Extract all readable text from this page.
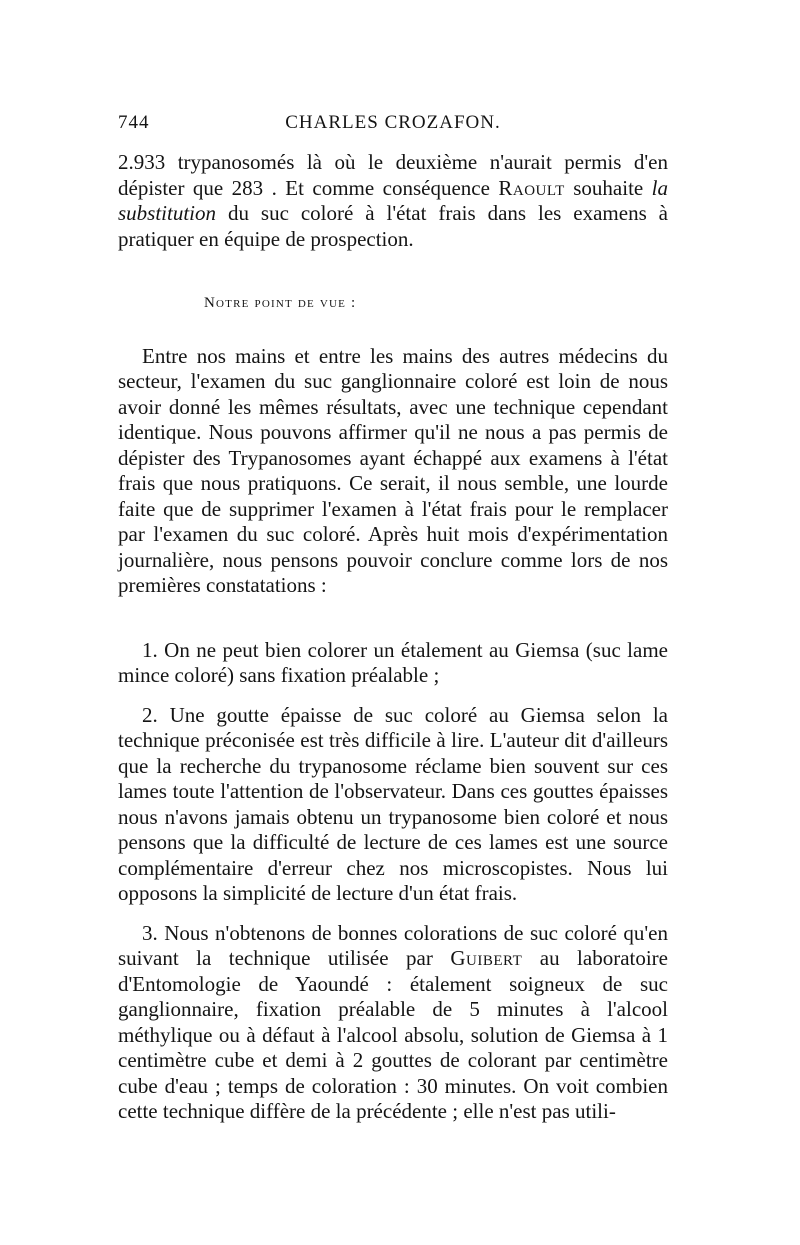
744	CHARLES CROZAFON.

2.933 trypanosomés là où le deuxième n'aurait permis d'en dépister que 283 . Et comme conséquence Raoult souhaite la substitution du suc coloré à l'état frais dans les examens à pratiquer en équipe de prospection.

Notre point de vue :

Entre nos mains et entre les mains des autres médecins du secteur, l'examen du suc ganglionnaire coloré est loin de nous avoir donné les mêmes résultats, avec une technique cependant identique. Nous pouvons affirmer qu'il ne nous a pas permis de dépister des Trypanosomes ayant échappé aux examens à l'état frais que nous pratiquons. Ce serait, il nous semble, une lourde faite que de supprimer l'examen à l'état frais pour le remplacer par l'examen du suc coloré. Après huit mois d'expérimentation journalière, nous pensons pouvoir conclure comme lors de nos premières constatations :

1. On ne peut bien colorer un étalement au Giemsa (suc lame mince coloré) sans fixation préalable ;

2. Une goutte épaisse de suc coloré au Giemsa selon la technique préconisée est très difficile à lire. L'auteur dit d'ailleurs que la recherche du trypanosome réclame bien souvent sur ces lames toute l'attention de l'observateur. Dans ces gouttes épaisses nous n'avons jamais obtenu un trypanosome bien coloré et nous pensons que la difficulté de lecture de ces lames est une source complémentaire d'erreur chez nos microscopistes. Nous lui opposons la simplicité de lecture d'un état frais.

3. Nous n'obtenons de bonnes colorations de suc coloré qu'en suivant la technique utilisée par Guibert au laboratoire d'Entomologie de Yaoundé : étalement soigneux de suc ganglionnaire, fixation préalable de 5 minutes à l'alcool méthylique ou à défaut à l'alcool absolu, solution de Giemsa à 1 centimètre cube et demi à 2 gouttes de colorant par centimètre cube d'eau ; temps de coloration : 30 minutes. On voit combien cette technique diffère de la précédente ; elle n'est pas utili-
